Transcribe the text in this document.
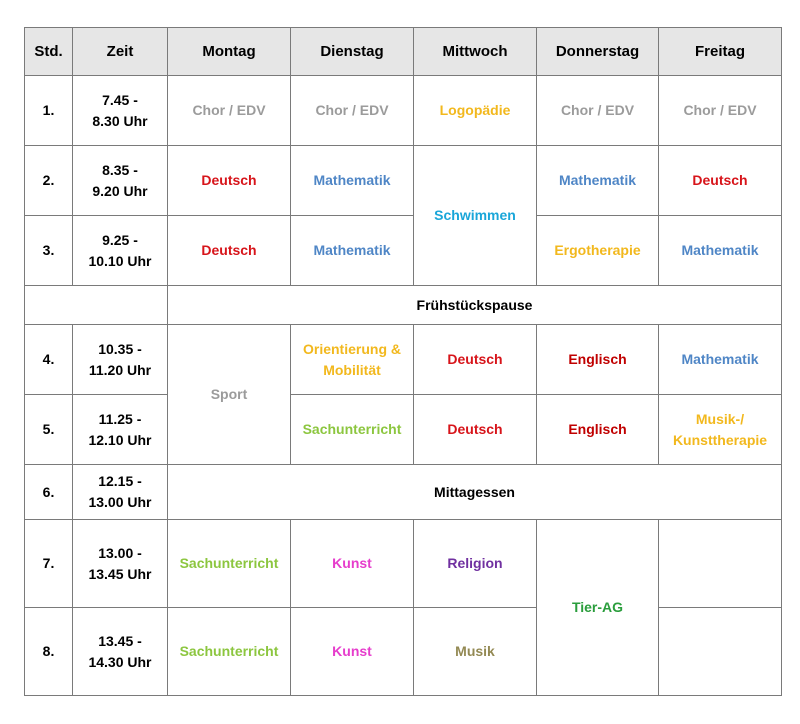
Std.	Zeit	Montag	Dienstag	Mittwoch	Donnerstag	Freitag
1.	7.45 -
8.30 Uhr	Chor / EDV	Chor / EDV	Logopädie	Chor / EDV	Chor / EDV
2.	8.35 -
9.20 Uhr	Deutsch	Mathematik	Schwimmen	Mathematik	Deutsch
3.	9.25 -
10.10 Uhr	Deutsch	Mathematik		Ergotherapie	Mathematik
		Frühstückspause				
4.	10.35 -
11.20 Uhr	Sport	Orientierung &
Mobilität	Deutsch	Englisch	Mathematik
5.	11.25 -
12.10 Uhr		Sachunterricht	Deutsch	Englisch	Musik-/
Kunsttherapie

6.	12.15 -
13.00 Uhr	Mittagessen				
7.	13.00 -
13.45 Uhr	Sachunterricht	Kunst	Religion	Tier-AG	
8.	13.45 -
14.30 Uhr	Sachunterricht	Kunst	Musik		
